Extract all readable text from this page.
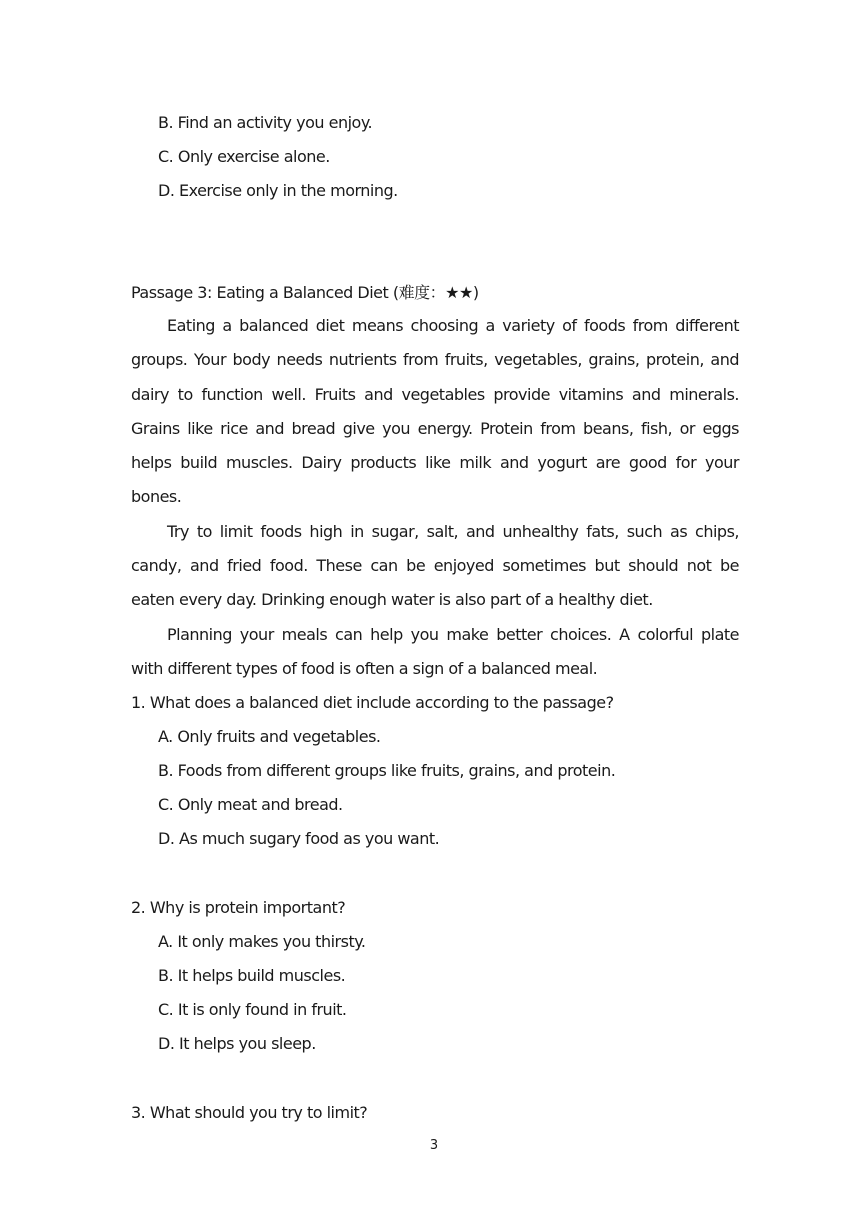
B. Find an activity you enjoy.
C. Only exercise alone.
D. Exercise only in the morning.
Passage 3: Eating a Balanced Diet (难度：★★)

Eating a balanced diet means choosing a variety of foods from different groups. Your body needs nutrients from fruits, vegetables, grains, protein, and dairy to function well. Fruits and vegetables provide vitamins and minerals. Grains like rice and bread give you energy. Protein from beans, fish, or eggs helps build muscles. Dairy products like milk and yogurt are good for your bones.

Try to limit foods high in sugar, salt, and unhealthy fats, such as chips, candy, and fried food. These can be enjoyed sometimes but should not be eaten every day. Drinking enough water is also part of a healthy diet.

Planning your meals can help you make better choices. A colorful plate with different types of food is often a sign of a balanced meal.

1. What does a balanced diet include according to the passage?
A. Only fruits and vegetables.
B. Foods from different groups like fruits, grains, and protein.
C. Only meat and bread.
D. As much sugary food as you want.
2. Why is protein important?
A. It only makes you thirsty.
B. It helps build muscles.
C. It is only found in fruit.
D. It helps you sleep.
3. What should you try to limit?
3
